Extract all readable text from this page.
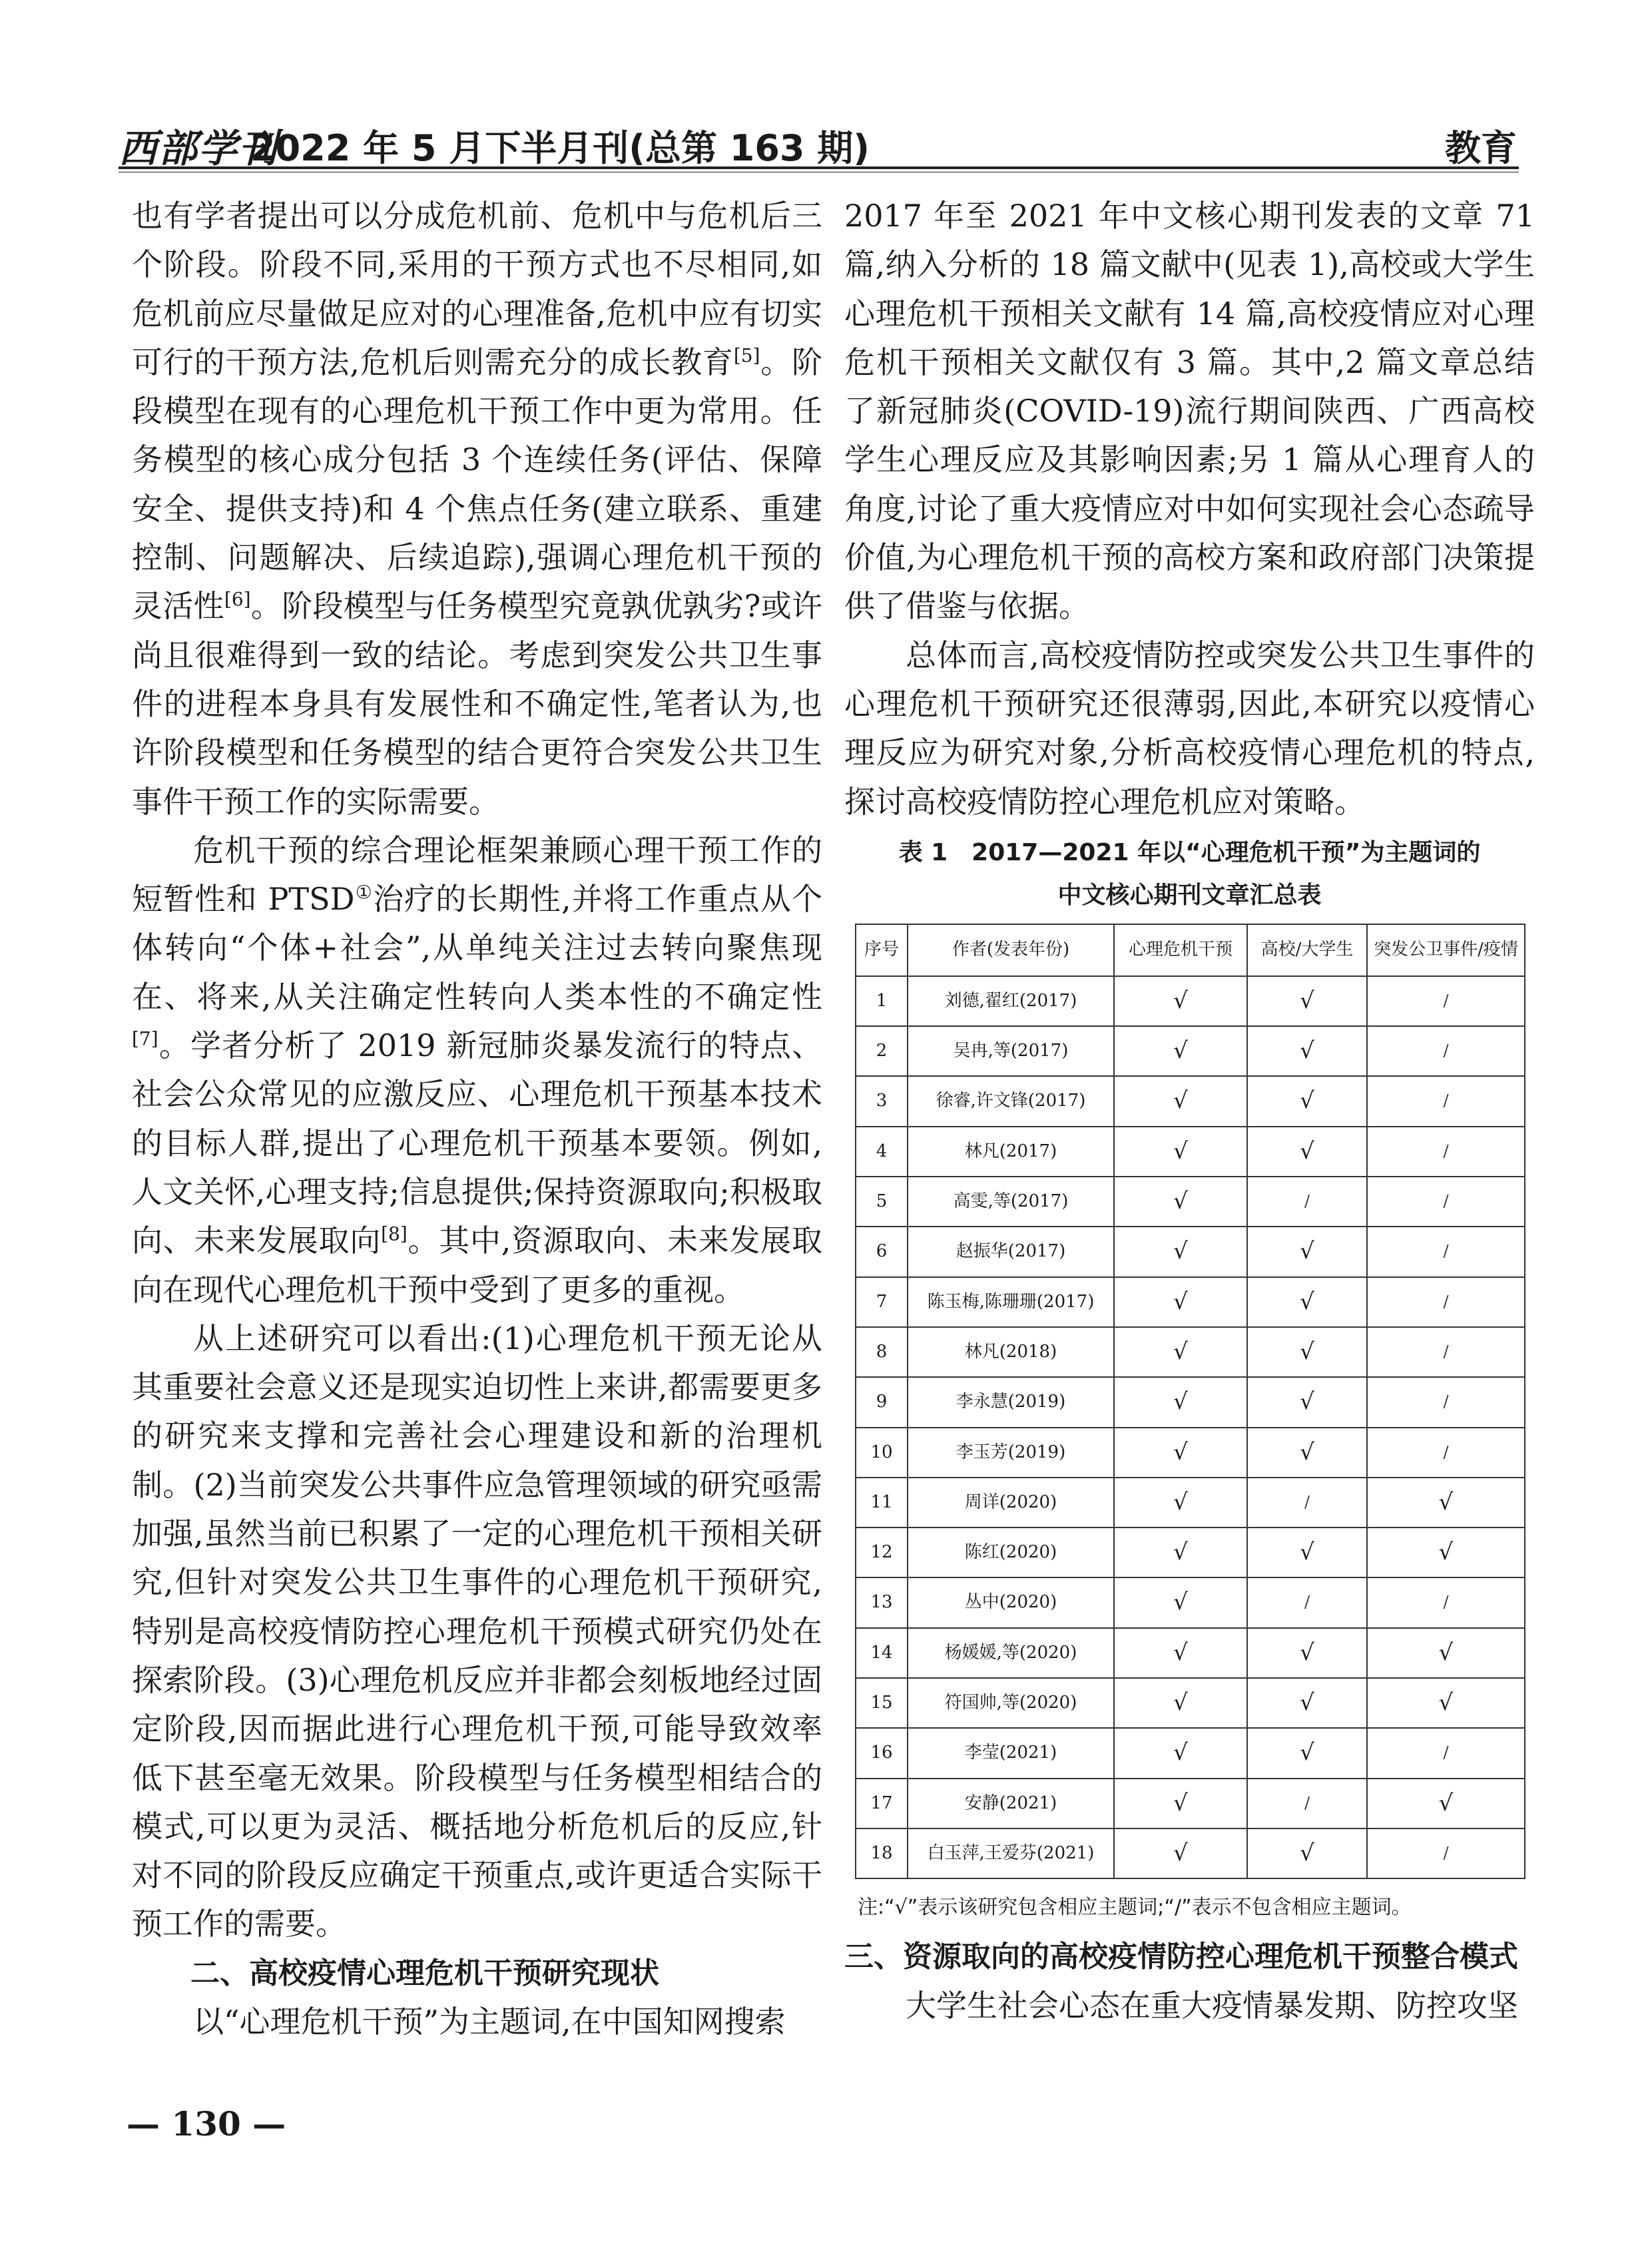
西部学刊
2022 年 5 月下半月刊(总第 163 期)	教育

也有学者提出可以分成危机前、危机中与危机后三个阶段。阶段不同,采用的干预方式也不尽相同,如危机前应尽量做足应对的心理准备,危机中应有切实可行的干预方法,危机后则需充分的成长教育[5]。阶段模型在现有的心理危机干预工作中更为常用。任务模型的核心成分包括 3 个连续任务(评估、保障安全、提供支持)和 4 个焦点任务(建立联系、重建控制、问题解决、后续追踪),强调心理危机干预的灵活性[6]。阶段模型与任务模型究竟孰优孰劣?或许尚且很难得到一致的结论。考虑到突发公共卫生事件的进程本身具有发展性和不确定性,笔者认为,也许阶段模型和任务模型的结合更符合突发公共卫生事件干预工作的实际需要。

危机干预的综合理论框架兼顾心理干预工作的短暂性和 PTSD①治疗的长期性,并将工作重点从个体转向“个体+社会”,从单纯关注过去转向聚焦现在、将来,从关注确定性转向人类本性的不确定性[7]。学者分析了 2019 新冠肺炎暴发流行的特点、社会公众常见的应激反应、心理危机干预基本技术的目标人群,提出了心理危机干预基本要领。例如,人文关怀,心理支持;信息提供;保持资源取向;积极取向、未来发展取向[8]。其中,资源取向、未来发展取向在现代心理危机干预中受到了更多的重视。

从上述研究可以看出:(1)心理危机干预无论从其重要社会意义还是现实迫切性上来讲,都需要更多的研究来支撑和完善社会心理建设和新的治理机制。(2)当前突发公共事件应急管理领域的研究亟需加强,虽然当前已积累了一定的心理危机干预相关研究,但针对突发公共卫生事件的心理危机干预研究,特别是高校疫情防控心理危机干预模式研究仍处在探索阶段。(3)心理危机反应并非都会刻板地经过固定阶段,因而据此进行心理危机干预,可能导致效率低下甚至毫无效果。阶段模型与任务模型相结合的模式,可以更为灵活、概括地分析危机后的反应,针对不同的阶段反应确定干预重点,或许更适合实际干预工作的需要。

二、高校疫情心理危机干预研究现状

以“心理危机干预”为主题词,在中国知网搜索

2017 年至 2021 年中文核心期刊发表的文章 71 篇,纳入分析的 18 篇文献中(见表 1),高校或大学生心理危机干预相关文献有 14 篇,高校疫情应对心理危机干预相关文献仅有 3 篇。其中,2 篇文章总结了新冠肺炎(COVID-19)流行期间陕西、广西高校学生心理反应及其影响因素;另 1 篇从心理育人的角度,讨论了重大疫情应对中如何实现社会心态疏导价值,为心理危机干预的高校方案和政府部门决策提供了借鉴与依据。

总体而言,高校疫情防控或突发公共卫生事件的心理危机干预研究还很薄弱,因此,本研究以疫情心理反应为研究对象,分析高校疫情心理危机的特点,探讨高校疫情防控心理危机应对策略。

表 1　2017—2021 年以“心理危机干预”为主题词的
中文核心期刊文章汇总表
序号	作者(发表年份)	心理危机干预	高校/大学生	突发公卫事件/疫情
1	刘德,翟红(2017)	√	√	/
2	吴冉,等(2017)	√	√	/
3	徐睿,许文锋(2017)	√	√	/
4	林凡(2017)	√	√	/
5	高雯,等(2017)	√	/	/
6	赵振华(2017)	√	√	/
7	陈玉梅,陈珊珊(2017)	√	√	/
8	林凡(2018)	√	√	/
9	李永慧(2019)	√	√	/
10	李玉芳(2019)	√	√	/
11	周详(2020)	√	/	√
12	陈红(2020)	√	√	√
13	丛中(2020)	√	/	/
14	杨媛媛,等(2020)	√	√	√
15	符国帅,等(2020)	√	√	√
16	李莹(2021)	√	√	/
17	安静(2021)	√	/	√
18	白玉萍,王爱芬(2021)	√	√	/
注:“√”表示该研究包含相应主题词;“/”表示不包含相应主题词。

三、资源取向的高校疫情防控心理危机干预整合模式

大学生社会心态在重大疫情暴发期、防控攻坚

— 130 —
